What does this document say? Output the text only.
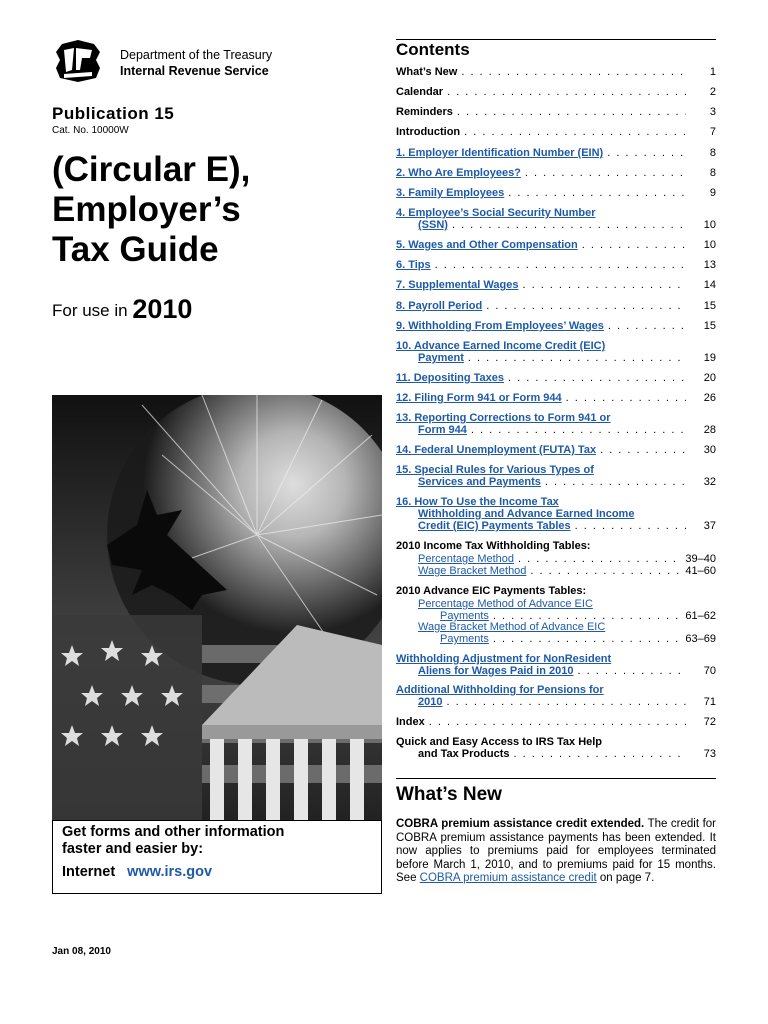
Department of the Treasury
Internal Revenue Service
Publication 15
Cat. No. 10000W
(Circular E),
Employer’s
Tax Guide
For use in 2010
Get forms and other information
faster and easier by:
Internet www.irs.gov
Jan 08, 2010
Contents
What’s New . . .	1
Calendar . . .	2
Reminders . . .	3
Introduction . . .	7
1. Employer Identification Number (EIN) . . .	8
2. Who Are Employees? . . .	8
3. Family Employees . . .	9
4. Employee’s Social Security Number
(SSN) . . .	10
5. Wages and Other Compensation . . .	10
6. Tips . . .	13
7. Supplemental Wages . . .	14
8. Payroll Period . . .	15
9. Withholding From Employees’ Wages . . .	15
10. Advance Earned Income Credit (EIC)
Payment . . .	19
11. Depositing Taxes . . .	20
12. Filing Form 941 or Form 944 . . .	26
13. Reporting Corrections to Form 941 or
Form 944 . . .	28
14. Federal Unemployment (FUTA) Tax . . .	30
15. Special Rules for Various Types of
Services and Payments . . .	32
16. How To Use the Income Tax
Withholding and Advance Earned Income
Credit (EIC) Payments Tables . . .	37
2010 Income Tax Withholding Tables:
Percentage Method . . .	39–40
Wage Bracket Method . . .	41–60
2010 Advance EIC Payments Tables:
Percentage Method of Advance EIC
Payments . . .	61–62
Wage Bracket Method of Advance EIC
Payments . . .	63–69
Withholding Adjustment for NonResident
Aliens for Wages Paid in 2010 . . .	70
Additional Withholding for Pensions for
2010 . . .	71
Index . . .	72
Quick and Easy Access to IRS Tax Help
and Tax Products . . .	73
What’s New
COBRA premium assistance credit extended. The credit for COBRA premium assistance payments has been extended. It now applies to premiums paid for employees terminated before March 1, 2010, and to premiums paid for 15 months. See COBRA premium assistance credit on page 7.
